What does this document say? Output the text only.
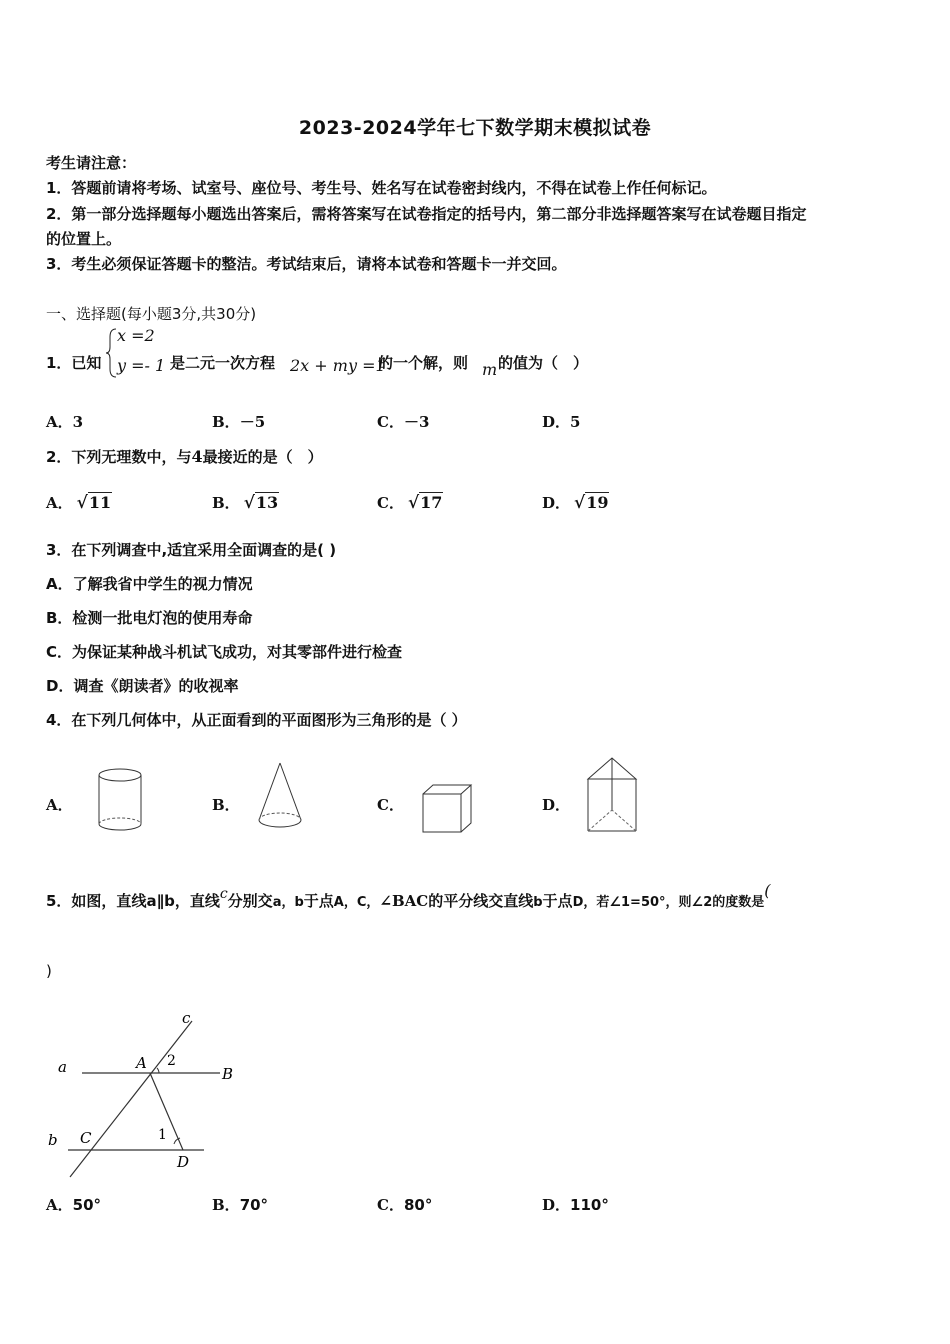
2023-2024学年七下数学期末模拟试卷
考生请注意：
1．答题前请将考场、试室号、座位号、考生号、姓名写在试卷密封线内，不得在试卷上作任何标记。
2．第一部分选择题每小题选出答案后，需将答案写在试卷指定的括号内，第二部分非选择题答案写在试卷题目指定
的位置上。
3．考生必须保证答题卡的整洁。考试结束后，请将本试卷和答题卡一并交回。
一、选择题(每小题3分,共30分)
1．已知
x =2
y =- 1 是二元一次方程 2x + my =1
的一个解，则 m 的值为（　）
A．3	B．－5	C．－3	D．5
2．下列无理数中，与4最接近的是（　）
A． √11	B． √13	C． √17	D． √19
3．在下列调查中,适宜采用全面调查的是( )
A．了解我省中学生的视力情况
B．检测一批电灯泡的使用寿命
C．为保证某种战斗机试飞成功，对其零部件进行检查
D．调查《朗读者》的收视率
4．在下列几何体中，从正面看到的平面图形为三角形的是（ ）
A．	B．	C．	D．
5．如图，直线a∥b，直线c分别交a，b于点A，C，∠BAC的平分线交直线b于点D，若∠1=50°，则∠2的度数是(
)
a
b
c
A
B
C
D
1
2
A．50°	B．70°	C．80°	D．110°
